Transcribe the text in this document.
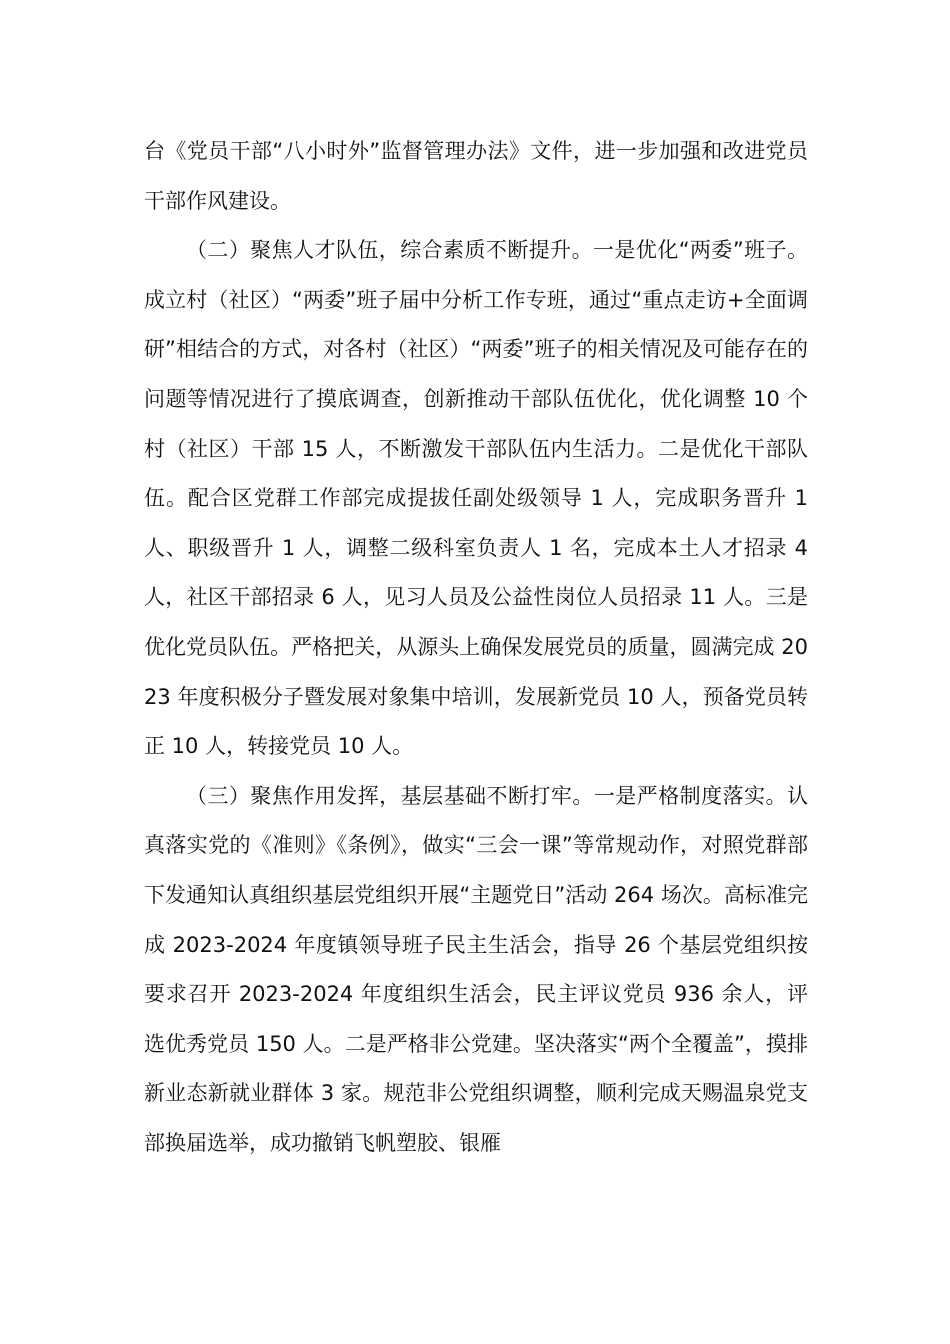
台《党员干部“八小时外”监督管理办法》文件，进一步加强和改进党员干部作风建设。

（二）聚焦人才队伍，综合素质不断提升。一是优化“两委”班子。成立村（社区）“两委”班子届中分析工作专班，通过“重点走访+全面调研”相结合的方式，对各村（社区）“两委”班子的相关情况及可能存在的问题等情况进行了摸底调查，创新推动干部队伍优化，优化调整 10 个村（社区）干部 15 人，不断激发干部队伍内生活力。二是优化干部队伍。配合区党群工作部完成提拔任副处级领导 1 人，完成职务晋升 1 人、职级晋升 1 人，调整二级科室负责人 1 名，完成本土人才招录 4 人，社区干部招录 6 人，见习人员及公益性岗位人员招录 11 人。三是优化党员队伍。严格把关，从源头上确保发展党员的质量，圆满完成 2023 年度积极分子暨发展对象集中培训，发展新党员 10 人，预备党员转正 10 人，转接党员 10 人。

（三）聚焦作用发挥，基层基础不断打牢。一是严格制度落实。认真落实党的《准则》《条例》，做实“三会一课”等常规动作，对照党群部下发通知认真组织基层党组织开展“主题党日”活动 264 场次。高标准完成 2023-2024 年度镇领导班子民主生活会，指导 26 个基层党组织按要求召开 2023-2024 年度组织生活会，民主评议党员 936 余人，评选优秀党员 150 人。二是严格非公党建。坚决落实“两个全覆盖”，摸排新业态新就业群体 3 家。规范非公党组织调整，顺利完成天赐温泉党支部换届选举，成功撤销飞帆塑胶、银雁
